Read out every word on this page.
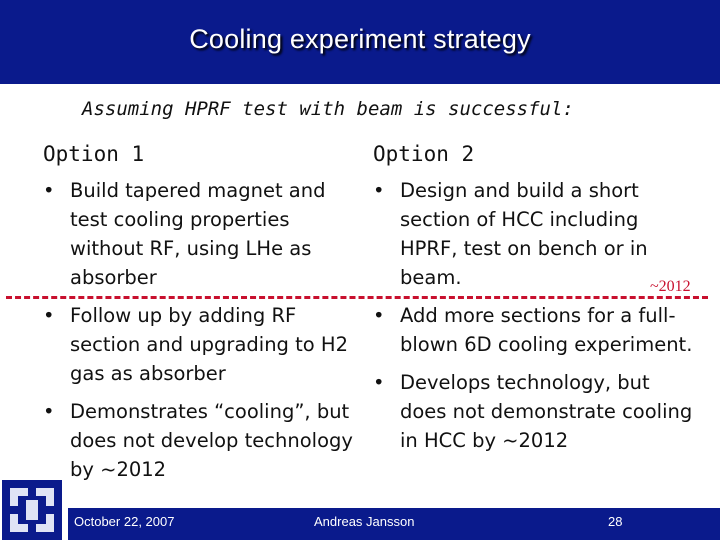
Cooling experiment strategy
Assuming HPRF test with beam is successful:
Option 1	Option 2
• Build tapered magnet and test cooling properties without RF, using LHe as absorber
• Follow up by adding RF section and upgrading to H2 gas as absorber
• Demonstrates “cooling”, but does not develop technology by ~2012
• Design and build a short section of HCC including HPRF, test on bench or in beam.
• Add more sections for a full-blown 6D cooling experiment.
• Develops technology, but does not demonstrate cooling in HCC by ~2012
~2012
October 22, 2007	Andreas Jansson	28
